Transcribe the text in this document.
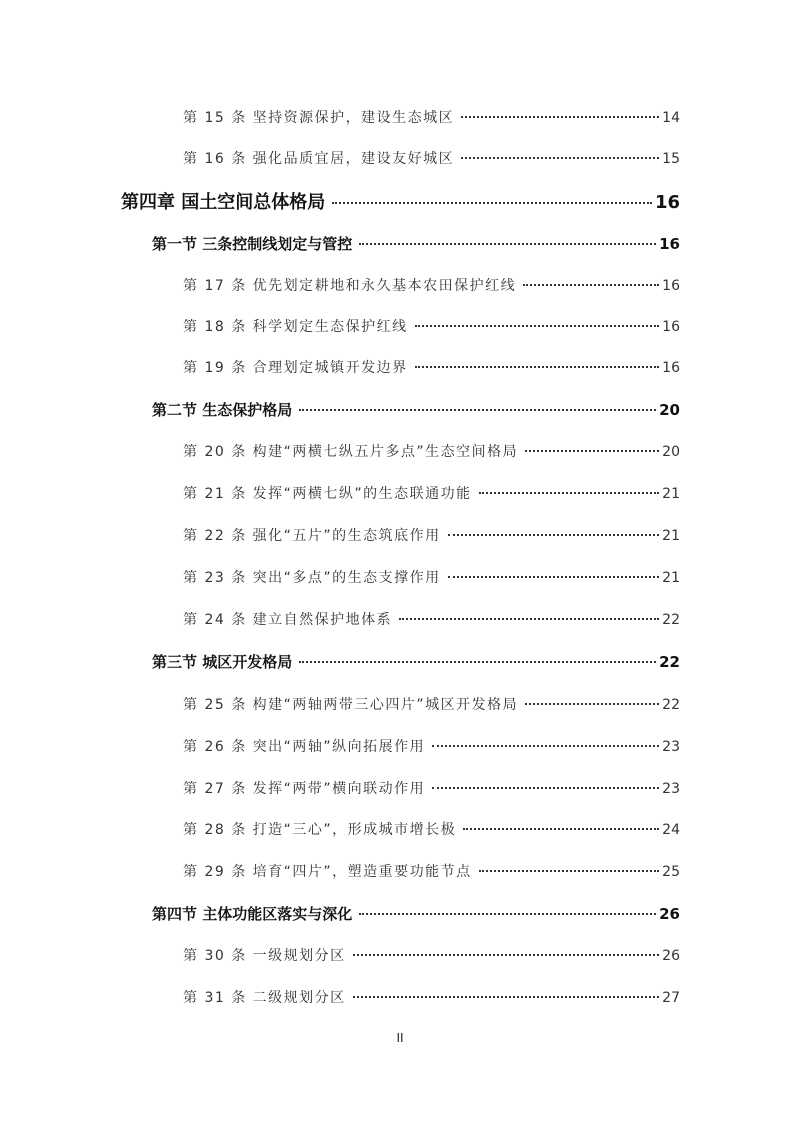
第 15 条 坚持资源保护，建设生态城区	14
第 16 条 强化品质宜居，建设友好城区	15
第四章 国土空间总体格局	16
第一节 三条控制线划定与管控	16
第 17 条 优先划定耕地和永久基本农田保护红线	16
第 18 条 科学划定生态保护红线	16
第 19 条 合理划定城镇开发边界	16
第二节 生态保护格局	20
第 20 条 构建“两横七纵五片多点”生态空间格局	20
第 21 条 发挥“两横七纵”的生态联通功能	21
第 22 条 强化“五片”的生态筑底作用	21
第 23 条 突出“多点”的生态支撑作用	21
第 24 条 建立自然保护地体系	22
第三节 城区开发格局	22
第 25 条 构建“两轴两带三心四片”城区开发格局	22
第 26 条 突出“两轴”纵向拓展作用	23
第 27 条 发挥“两带”横向联动作用	23
第 28 条 打造“三心”，形成城市增长极	24
第 29 条 培育“四片”，塑造重要功能节点	25
第四节 主体功能区落实与深化	26
第 30 条 一级规划分区	26
第 31 条 二级规划分区	27
II
